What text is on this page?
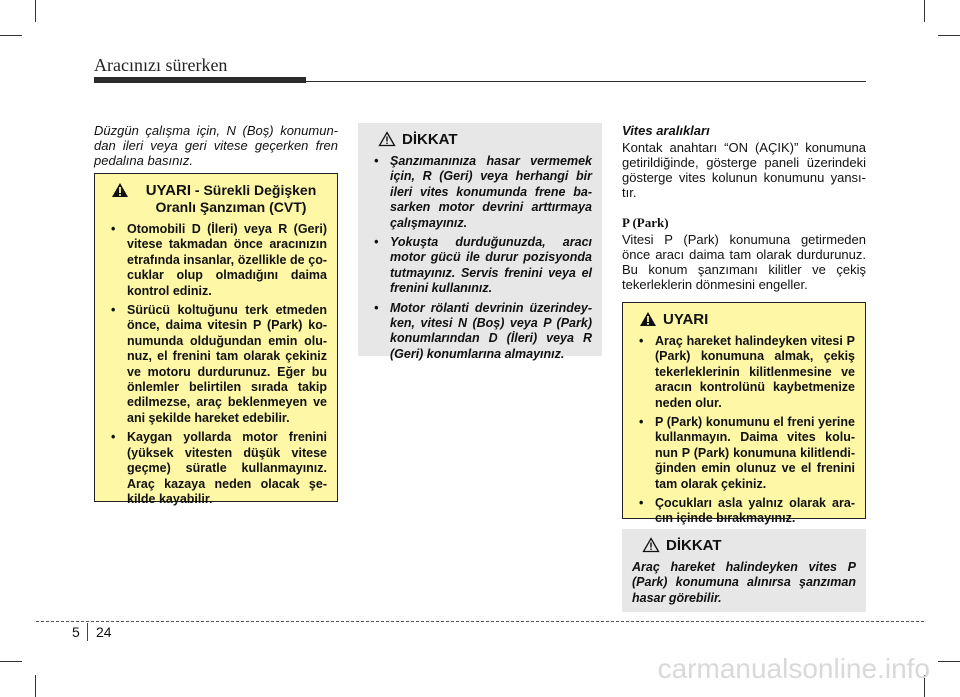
Aracınızı sürerken
Düzgün çalışma için, N (Boş) konumun-dan ileri veya geri vitese geçerken fren pedalına basınız.
UYARI - Sürekli Değişken Oranlı Şanzıman (CVT)
• Otomobili D (İleri) veya R (Geri) vitese takmadan önce aracınızın etrafında insanlar, özellikle de ço-cuklar olup olmadığını daima kontrol ediniz.
• Sürücü koltuğunu terk etmeden önce, daima vitesin P (Park) ko-numunda olduğundan emin olu-nuz, el frenini tam olarak çekiniz ve motoru durdurunuz. Eğer bu önlemler belirtilen sırada takip edilmezse, araç beklenmeyen ve ani şekilde hareket edebilir.
• Kaygan yollarda motor frenini (yüksek vitesten düşük vitese geçme) süratle kullanmayınız. Araç kazaya neden olacak şe-kilde kayabilir.
DİKKAT
• Şanzımanınıza hasar vermemek için, R (Geri) veya herhangi bir ileri vites konumunda frene ba-sarken motor devrini arttırmaya çalışmayınız.
• Yokuşta durduğunuzda, aracı motor gücü ile durur pozisyonda tutmayınız. Servis frenini veya el frenini kullanınız.
• Motor rölanti devrinin üzerindey-ken, vitesi N (Boş) veya P (Park) konumlarından D (İleri) veya R (Geri) konumlarına almayınız.
Vites aralıkları
Kontak anahtarı “ON (AÇIK)” konumuna getirildiğinde, gösterge paneli üzerindeki gösterge vites kolunun konumunu yansı-tır.
P (Park)
Vitesi P (Park) konumuna getirmeden önce aracı daima tam olarak durdurunuz. Bu konum şanzımanı kilitler ve çekiş tekerleklerin dönmesini engeller.
UYARI
• Araç hareket halindeyken vitesi P (Park) konumuna almak, çekiş tekerleklerinin kilitlenmesine ve aracın kontrolünü kaybetmenize neden olur.
• P (Park) konumunu el freni yerine kullanmayın. Daima vites kolu-nun P (Park) konumuna kilitlendi-ğinden emin olunuz ve el frenini tam olarak çekiniz.
• Çocukları asla yalnız olarak ara-cın içinde bırakmayınız.
DİKKAT
Araç hareket halindeyken vites P (Park) konumuna alınırsa şanzıman hasar görebilir.
5 24
carmanualsonline.info
